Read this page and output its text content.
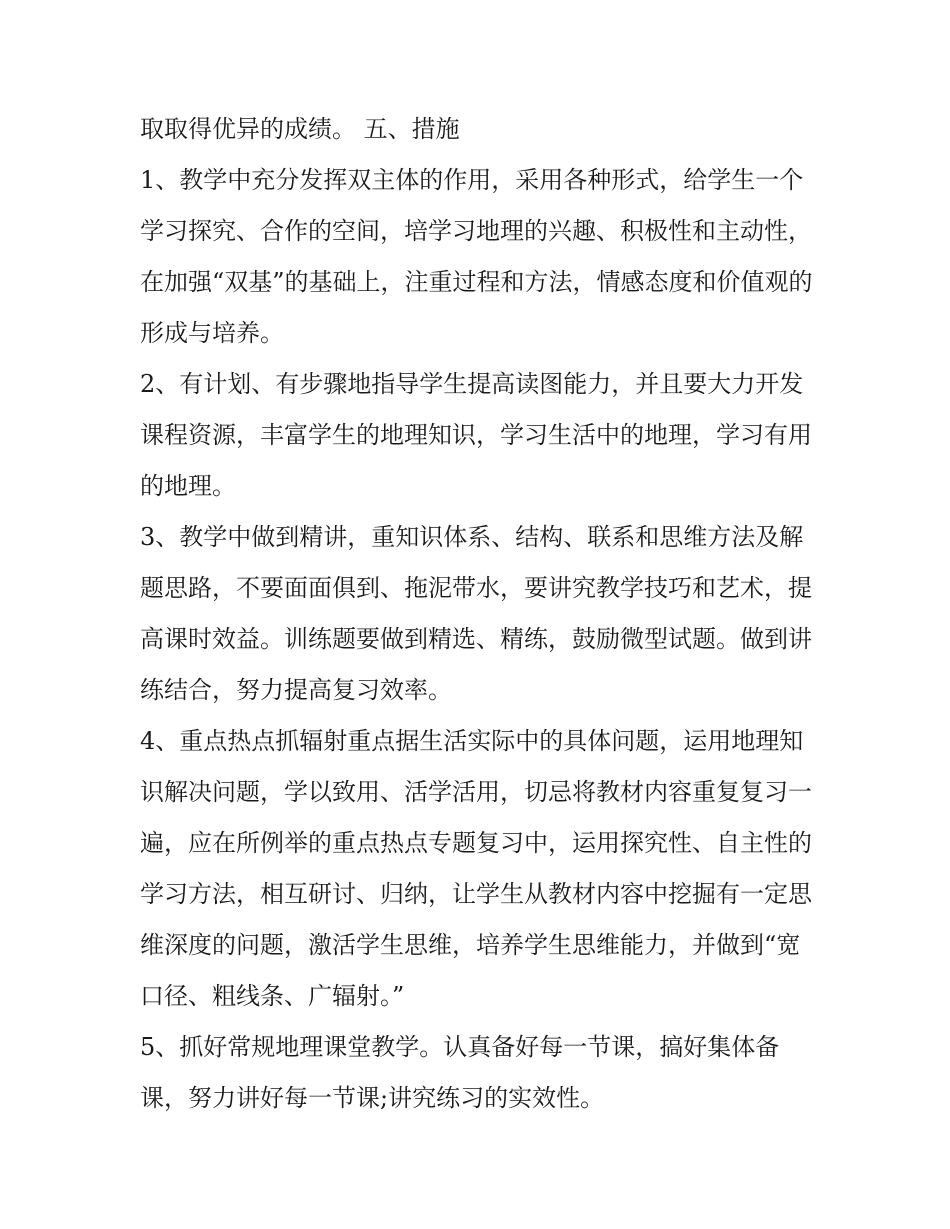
取取得优异的成绩。 五、措施

1、教学中充分发挥双主体的作用，采用各种形式，给学生一个学习探究、合作的空间，培学习地理的兴趣、积极性和主动性，在加强“双基”的基础上，注重过程和方法，情感态度和价值观的形成与培养。

2、有计划、有步骤地指导学生提高读图能力，并且要大力开发课程资源，丰富学生的地理知识，学习生活中的地理，学习有用的地理。

3、教学中做到精讲，重知识体系、结构、联系和思维方法及解题思路，不要面面俱到、拖泥带水，要讲究教学技巧和艺术，提高课时效益。训练题要做到精选、精练，鼓励微型试题。做到讲练结合，努力提高复习效率。

4、重点热点抓辐射重点据生活实际中的具体问题，运用地理知识解决问题，学以致用、活学活用，切忌将教材内容重复复习一遍，应在所例举的重点热点专题复习中，运用探究性、自主性的学习方法，相互研讨、归纳，让学生从教材内容中挖掘有一定思维深度的问题，激活学生思维，培养学生思维能力，并做到“宽口径、粗线条、广辐射。”

5、抓好常规地理课堂教学。认真备好每一节课，搞好集体备课，努力讲好每一节课;讲究练习的实效性。
